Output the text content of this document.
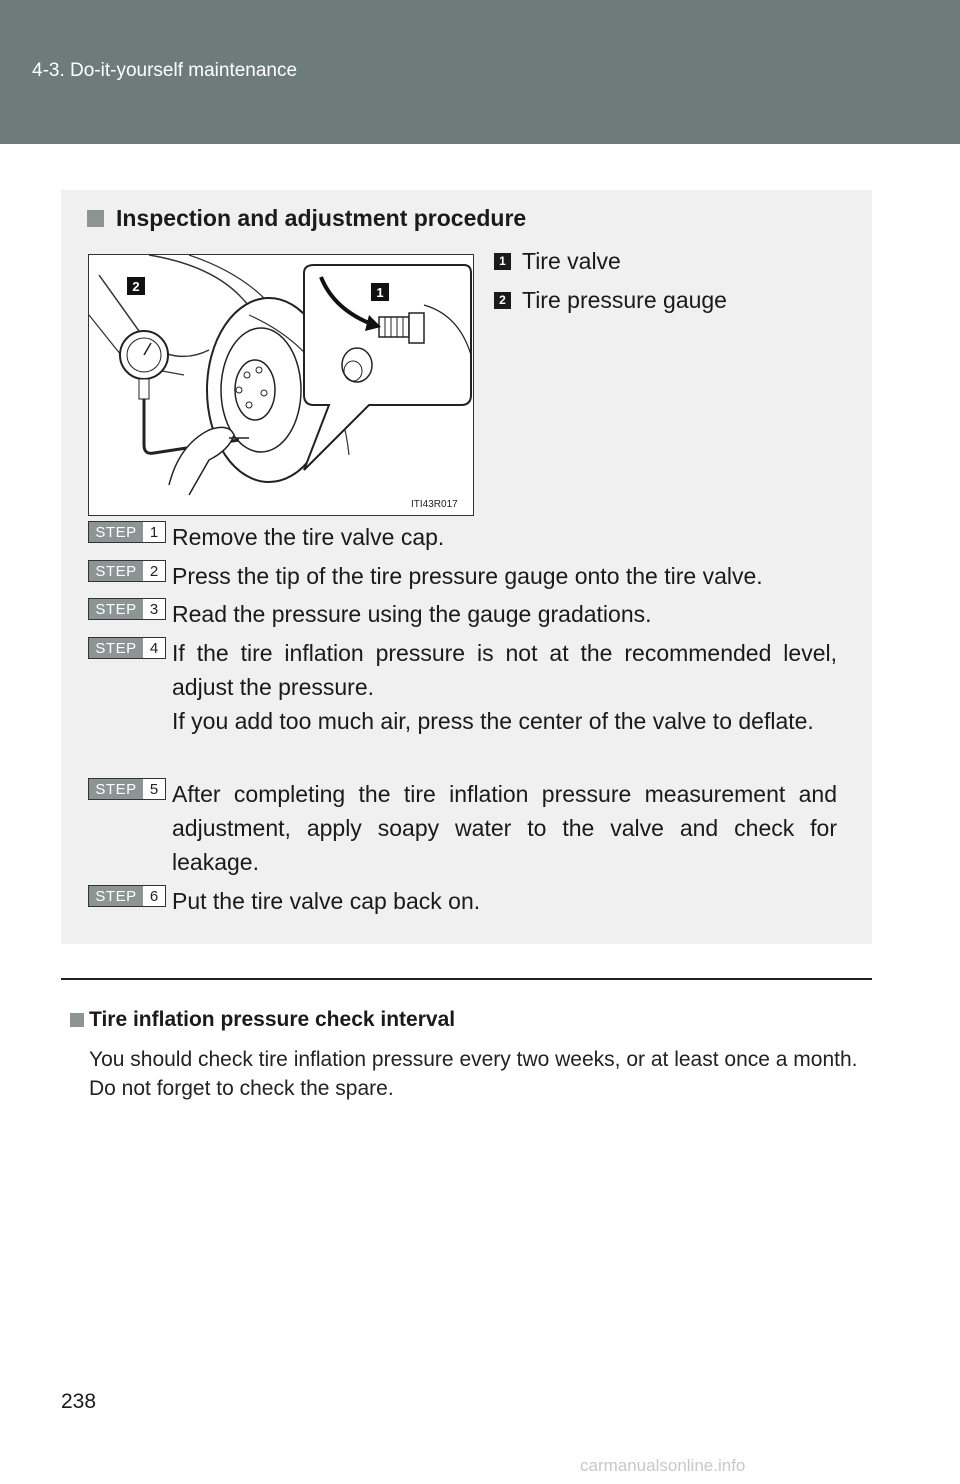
4-3. Do-it-yourself maintenance
Inspection and adjustment procedure
2	1
ITI43R017
1 Tire valve
2 Tire pressure gauge
STEP 1 Remove the tire valve cap.

STEP 2 Press the tip of the tire pressure gauge onto the tire valve.

STEP 3 Read the pressure using the gauge gradations.

STEP 4 If the tire inflation pressure is not at the recommended level, adjust the pressure.

If you add too much air, press the center of the valve to deflate.

STEP 5 After completing the tire inflation pressure measurement and adjustment, apply soapy water to the valve and check for leakage.

STEP 6 Put the tire valve cap back on.

Tire inflation pressure check interval

You should check tire inflation pressure every two weeks, or at least once a month.

Do not forget to check the spare.

238
carmanualsonline.info
